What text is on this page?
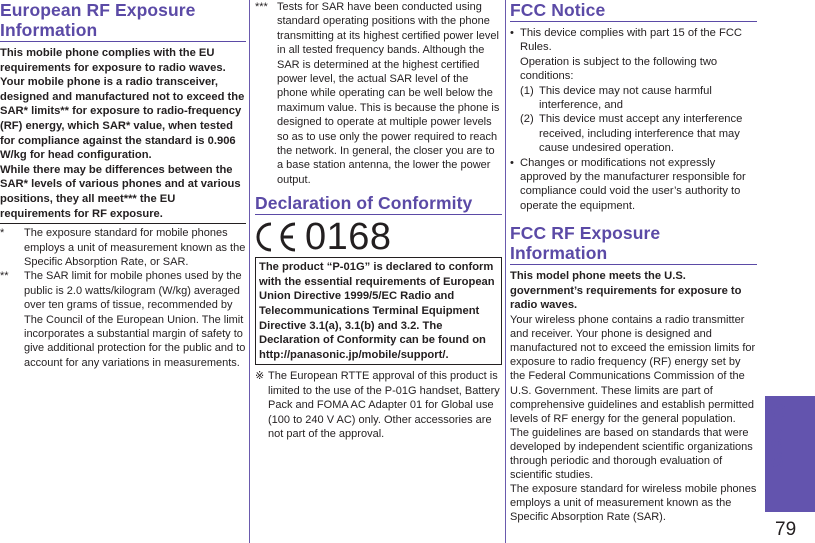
European RF Exposure Information
This mobile phone complies with the EU requirements for exposure to radio waves. Your mobile phone is a radio transceiver, designed and manufactured not to exceed the SAR* limits** for exposure to radio-frequency (RF) energy, which SAR* value, when tested for compliance against the standard is 0.906 W/kg for head configuration.
While there may be differences between the SAR* levels of various phones and at various positions, they all meet*** the EU requirements for RF exposure.
*	The exposure standard for mobile phones employs a unit of measurement known as the Specific Absorption Rate, or SAR.
**	The SAR limit for mobile phones used by the public is 2.0 watts/kilogram (W/kg) averaged over ten grams of tissue, recommended by The Council of the European Union. The limit incorporates a substantial margin of safety to give additional protection for the public and to account for any variations in measurements.
*** Tests for SAR have been conducted using standard operating positions with the phone transmitting at its highest certified power level in all tested frequency bands. Although the SAR is determined at the highest certified power level, the actual SAR level of the phone while operating can be well below the maximum value. This is because the phone is designed to operate at multiple power levels so as to use only the power required to reach the network. In general, the closer you are to a base station antenna, the lower the power output.
Declaration of Conformity
0168
The product “P-01G” is declared to conform with the essential requirements of European Union Directive 1999/5/EC Radio and Telecommunications Terminal Equipment Directive 3.1(a), 3.1(b) and 3.2. The Declaration of Conformity can be found on http://panasonic.jp/mobile/support/.
※ The European RTTE approval of this product is limited to the use of the P-01G handset, Battery Pack and FOMA AC Adapter 01 for Global use (100 to 240 V AC) only. Other accessories are not part of the approval.
FCC Notice
• This device complies with part 15 of the FCC Rules.
Operation is subject to the following two conditions:
(1) This device may not cause harmful interference, and
(2) This device must accept any interference received, including interference that may cause undesired operation.
• Changes or modifications not expressly approved by the manufacturer responsible for compliance could void the user’s authority to operate the equipment.
FCC RF Exposure Information
This model phone meets the U.S. government’s requirements for exposure to radio waves.
Your wireless phone contains a radio transmitter and receiver. Your phone is designed and manufactured not to exceed the emission limits for exposure to radio frequency (RF) energy set by the Federal Communications Commission of the U.S. Government. These limits are part of comprehensive guidelines and establish permitted levels of RF energy for the general population. The guidelines are based on standards that were developed by independent scientific organizations through periodic and thorough evaluation of scientific studies.
The exposure standard for wireless mobile phones employs a unit of measurement known as the Specific Absorption Rate (SAR).
Others
79
